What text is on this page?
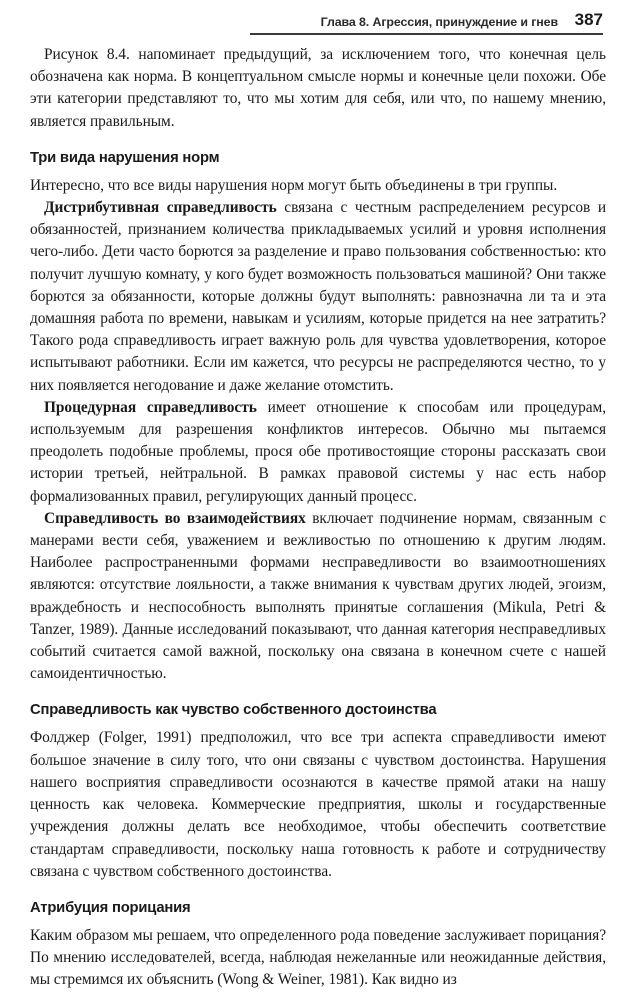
Глава 8. Агрессия, принуждение и гнев 387

Рисунок 8.4. напоминает предыдущий, за исключением того, что конечная цель обозначена как норма. В концептуальном смысле нормы и конечные цели похожи. Обе эти категории представляют то, что мы хотим для себя, или что, по нашему мнению, является правильным.

Три вида нарушения норм

Интересно, что все виды нарушения норм могут быть объединены в три группы.

Дистрибутивная справедливость связана с честным распределением ресурсов и обязанностей, признанием количества прикладываемых усилий и уровня исполнения чего-либо. Дети часто борются за разделение и право пользования собственностью: кто получит лучшую комнату, у кого будет возможность пользоваться машиной? Они также борются за обязанности, которые должны будут выполнять: равнозначна ли та и эта домашняя работа по времени, навыкам и усилиям, которые придется на нее затратить? Такого рода справедливость играет важную роль для чувства удовлетворения, которое испытывают работники. Если им кажется, что ресурсы не распределяются честно, то у них появляется негодование и даже желание отомстить.

Процедурная справедливость имеет отношение к способам или процедурам, используемым для разрешения конфликтов интересов. Обычно мы пытаемся преодолеть подобные проблемы, прося обе противостоящие стороны рассказать свои истории третьей, нейтральной. В рамках правовой системы у нас есть набор формализованных правил, регулирующих данный процесс.

Справедливость во взаимодействиях включает подчинение нормам, связанным с манерами вести себя, уважением и вежливостью по отношению к другим людям. Наиболее распространенными формами несправедливости во взаимоотношениях являются: отсутствие лояльности, а также внимания к чувствам других людей, эгоизм, враждебность и неспособность выполнять принятые соглашения (Mikula, Petri & Tanzer, 1989). Данные исследований показывают, что данная категория несправедливых событий считается самой важной, поскольку она связана в конечном счете с нашей самоидентичностью.

Справедливость как чувство собственного достоинства

Фолджер (Folger, 1991) предположил, что все три аспекта справедливости имеют большое значение в силу того, что они связаны с чувством достоинства. Нарушения нашего восприятия справедливости осознаются в качестве прямой атаки на нашу ценность как человека. Коммерческие предприятия, школы и государственные учреждения должны делать все необходимое, чтобы обеспечить соответствие стандартам справедливости, поскольку наша готовность к работе и сотрудничеству связана с чувством собственного достоинства.

Атрибуция порицания

Каким образом мы решаем, что определенного рода поведение заслуживает порицания? По мнению исследователей, всегда, наблюдая нежеланные или неожиданные действия, мы стремимся их объяснить (Wong & Weiner, 1981). Как видно из
